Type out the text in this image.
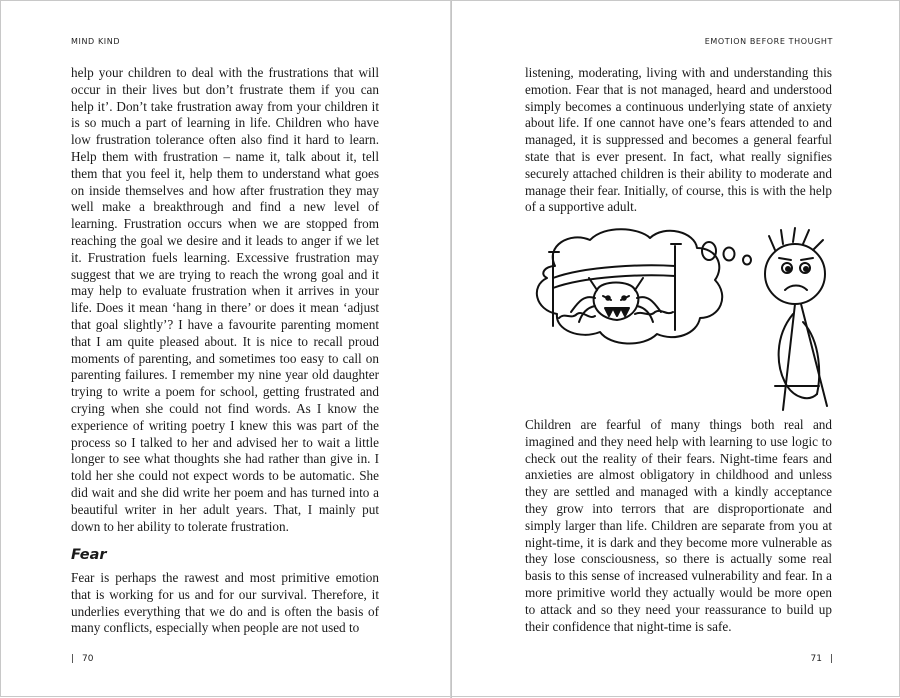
MIND KIND

help your children to deal with the frustrations that will occur in their lives but don’t frustrate them if you can help it’. Don’t take frustration away from your children it is so much a part of learning in life. Children who have low frustration tolerance often also find it hard to learn. Help them with frustration – name it, talk about it, tell them that you feel it, help them to understand what goes on inside themselves and how after frustration they may well make a breakthrough and find a new level of learning. Frustration occurs when we are stopped from reaching the goal we desire and it leads to anger if we let it. Frustration fuels learning. Excessive frustration may suggest that we are trying to reach the wrong goal and it may help to evaluate frustration when it arrives in your life. Does it mean ‘hang in there’ or does it mean ‘adjust that goal slightly’? I have a favourite parenting moment that I am quite pleased about. It is nice to recall proud moments of parenting, and sometimes too easy to call on parenting failures. I remember my nine year old daughter trying to write a poem for school, getting frustrated and crying when she could not find words. As I know the experience of writing poetry I knew this was part of the process so I talked to her and advised her to wait a little longer to see what thoughts she had rather than give in. I told her she could not expect words to be automatic. She did wait and she did write her poem and has turned into a beautiful writer in her adult years. That, I mainly put down to her ability to tolerate frustration.

Fear

Fear is perhaps the rawest and most primitive emotion that is working for us and for our survival. Therefore, it underlies everything that we do and is often the basis of many conflicts, especially when people are not used to

| 70
EMOTION BEFORE THOUGHT

listening, moderating, living with and understanding this emotion. Fear that is not managed, heard and understood simply becomes a continuous underlying state of anxiety about life. If one cannot have one’s fears attended to and managed, it is suppressed and becomes a general fearful state that is ever present. In fact, what really signifies securely attached children is their ability to moderate and manage their fear. Initially, of course, this is with the help of a supportive adult.

Children are fearful of many things both real and imagined and they need help with learning to use logic to check out the reality of their fears. Night-time fears and anxieties are almost obligatory in childhood and unless they are settled and managed with a kindly acceptance they grow into terrors that are disproportionate and simply larger than life. Children are separate from you at night-time, it is dark and they become more vulnerable as they lose consciousness, so there is actually some real basis to this sense of increased vulnerability and fear. In a more primitive world they actually would be more open to attack and so they need your reassurance to build up their confidence that night-time is safe.

71 |
